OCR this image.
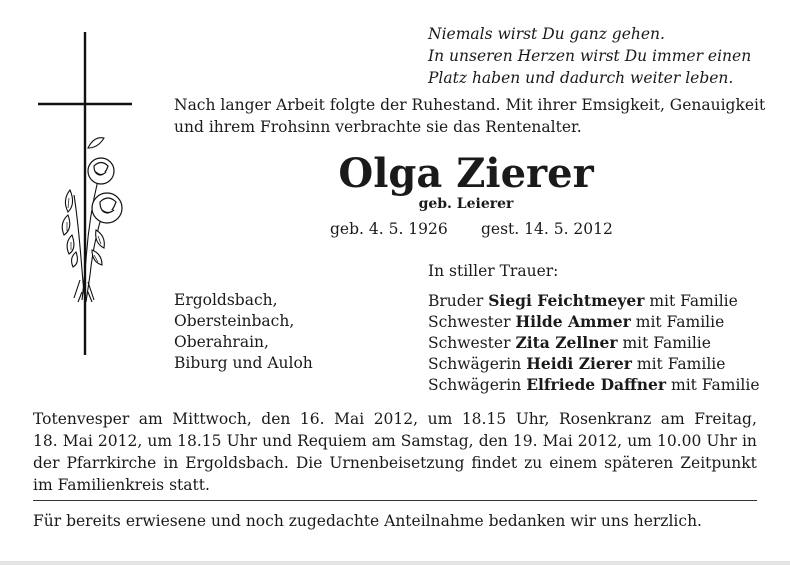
Niemals wirst Du ganz gehen.
In unseren Herzen wirst Du immer einen
Platz haben und dadurch weiter leben.
Nach langer Arbeit folgte der Ruhestand. Mit ihrer Emsigkeit, Genauigkeit
und ihrem Frohsinn verbrachte sie das Rentenalter.
Olga Zierer
geb. Leierer
geb. 4. 5. 1926 gest. 14. 5. 2012
In stiller Trauer:
Ergoldsbach,
Obersteinbach,
Oberahrain,
Biburg und Auloh
Bruder Siegi Feichtmeyer mit Familie
Schwester Hilde Ammer mit Familie
Schwester Zita Zellner mit Familie
Schwägerin Heidi Zierer mit Familie
Schwägerin Elfriede Daffner mit Familie
Totenvesper am Mittwoch, den 16. Mai 2012, um 18.15 Uhr, Rosenkranz am Freitag,
18. Mai 2012, um 18.15 Uhr und Requiem am Samstag, den 19. Mai 2012, um 10.00 Uhr in
der Pfarrkirche in Ergoldsbach. Die Urnenbeisetzung findet zu einem späteren Zeitpunkt
im Familienkreis statt.
Für bereits erwiesene und noch zugedachte Anteilnahme bedanken wir uns herzlich.
